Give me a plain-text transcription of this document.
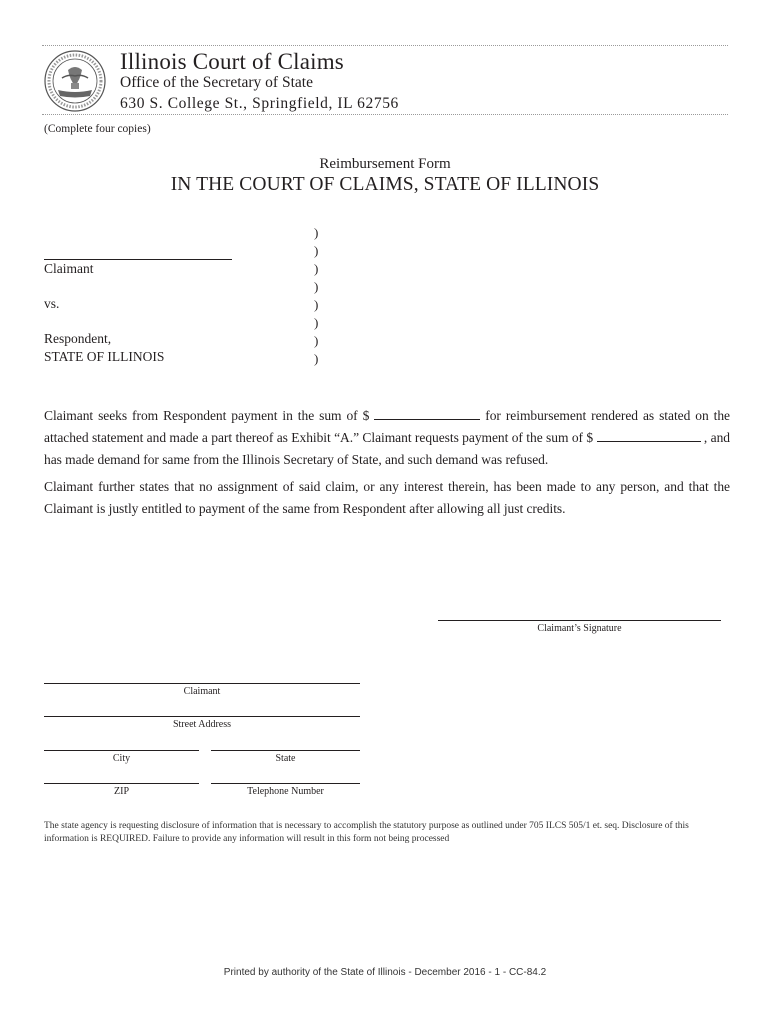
Illinois Court of Claims
Office of the Secretary of State
630 S. College St., Springfield, IL 62756
(Complete four copies)
Reimbursement Form
IN THE COURT OF CLAIMS, STATE OF ILLINOIS
Claimant
vs.
Respondent,
STATE OF ILLINOIS
)
)
)
)
)
)
)
)
Claimant seeks from Respondent payment in the sum of $	for reimbursement rendered as stated on the attached statement and made a part thereof as Exhibit “A.” Claimant requests payment of the sum of $	, and has made demand for same from the Illinois Secretary of State, and such demand was refused.
Claimant further states that no assignment of said claim, or any interest therein, has been made to any person, and that the Claimant is justly entitled to payment of the same from Respondent after allowing all just credits.
Claimant’s Signature
Claimant
Street Address
City	State
ZIP	Telephone Number
The state agency is requesting disclosure of information that is necessary to accomplish the statutory purpose as outlined under 705 ILCS 505/1 et. seq. Disclosure of this information is REQUIRED. Failure to provide any information will result in this form not being processed
Printed by authority of the State of Illinois - December 2016 - 1 - CC-84.2
